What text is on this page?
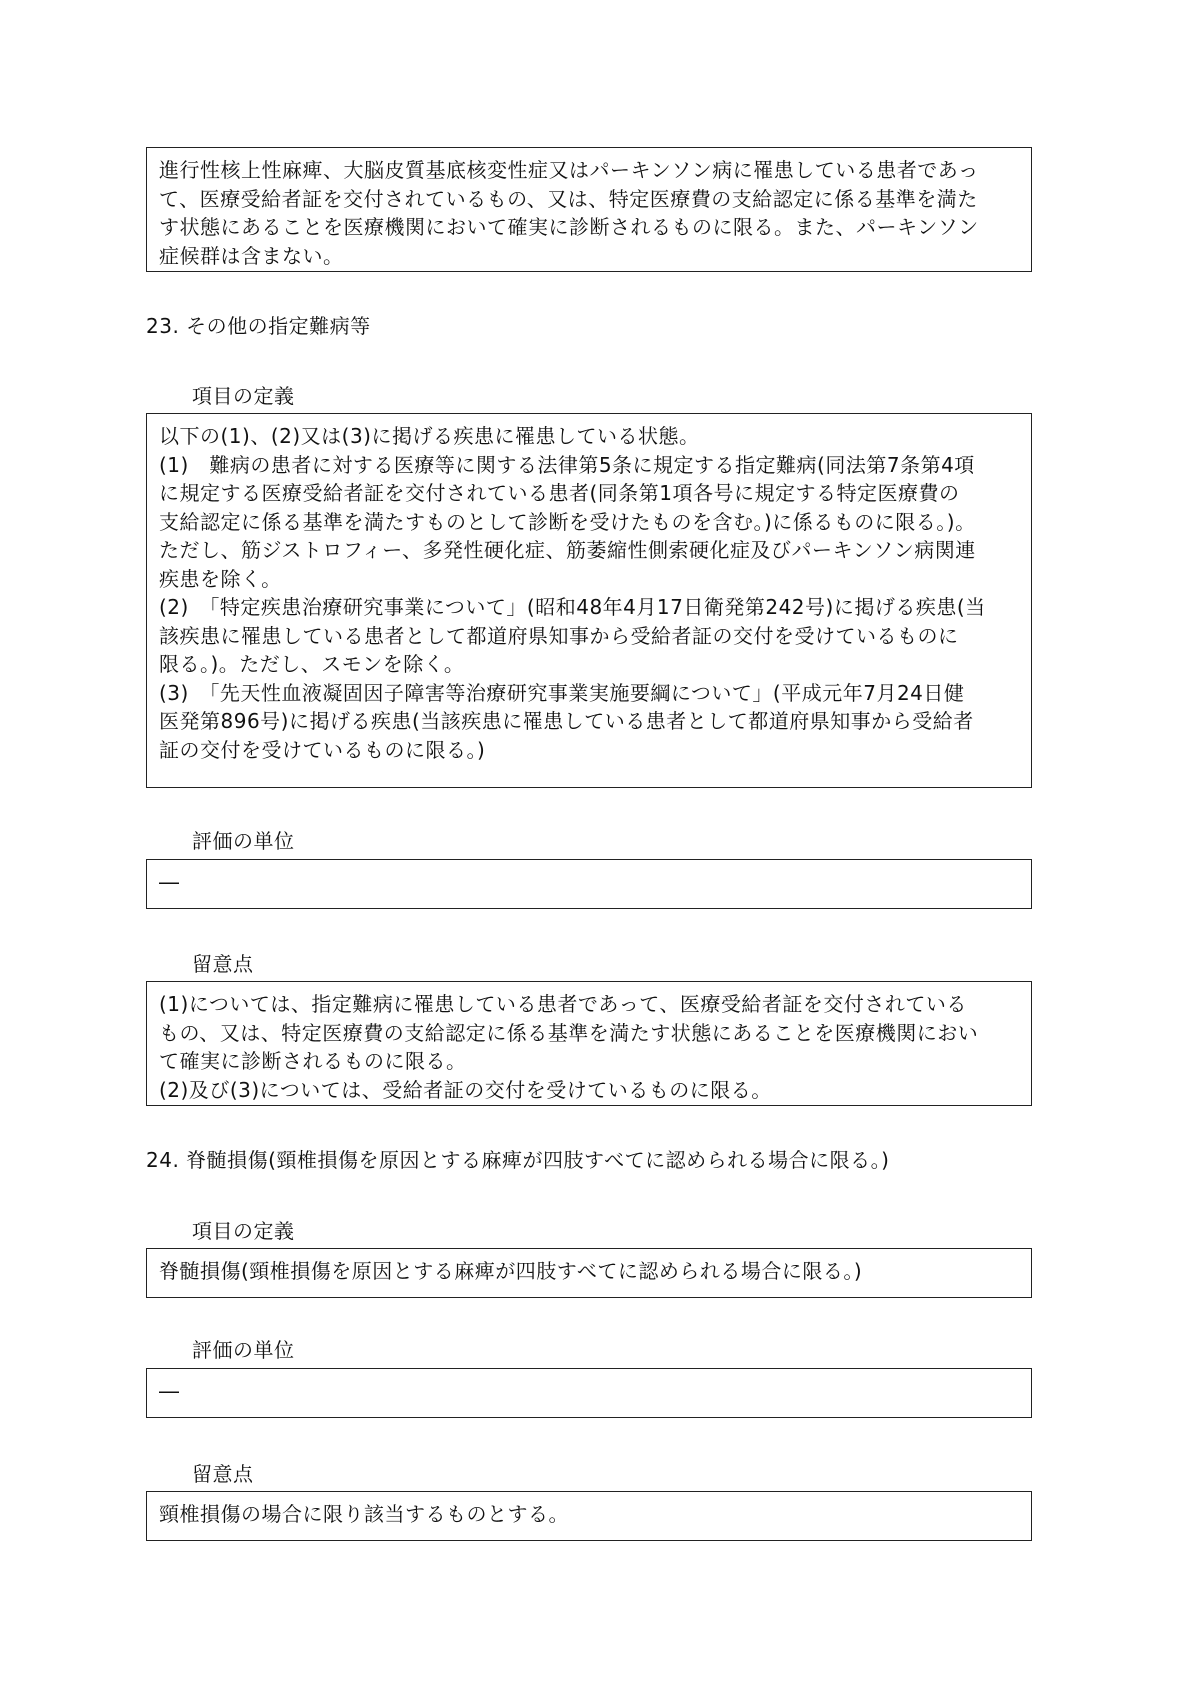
進行性核上性麻痺、大脳皮質基底核変性症又はパーキンソン病に罹患している患者であっ

て、医療受給者証を交付されているもの、又は、特定医療費の支給認定に係る基準を満た

す状態にあることを医療機関において確実に診断されるものに限る。また、パーキンソン

症候群は含まない。

23. その他の指定難病等
項目の定義

以下の(1)、(2)又は(3)に掲げる疾患に罹患している状態。

(1)　難病の患者に対する医療等に関する法律第5条に規定する指定難病(同法第7条第4項

に規定する医療受給者証を交付されている患者(同条第1項各号に規定する特定医療費の

支給認定に係る基準を満たすものとして診断を受けたものを含む。)に係るものに限る。)。

ただし、筋ジストロフィー、多発性硬化症、筋萎縮性側索硬化症及びパーキンソン病関連

疾患を除く。

(2)　「特定疾患治療研究事業について」(昭和48年4月17日衛発第242号)に掲げる疾患(当

該疾患に罹患している患者として都道府県知事から受給者証の交付を受けているものに

限る。)。ただし、スモンを除く。

(3)　「先天性血液凝固因子障害等治療研究事業実施要綱について」(平成元年7月24日健

医発第896号)に掲げる疾患(当該疾患に罹患している患者として都道府県知事から受給者

証の交付を受けているものに限る。)

評価の単位

―

留意点

(1)については、指定難病に罹患している患者であって、医療受給者証を交付されている

もの、又は、特定医療費の支給認定に係る基準を満たす状態にあることを医療機関におい

て確実に診断されるものに限る。

(2)及び(3)については、受給者証の交付を受けているものに限る。

24. 脊髄損傷(頸椎損傷を原因とする麻痺が四肢すべてに認められる場合に限る。)
項目の定義

脊髄損傷(頸椎損傷を原因とする麻痺が四肢すべてに認められる場合に限る。)

評価の単位

―

留意点

頸椎損傷の場合に限り該当するものとする。
